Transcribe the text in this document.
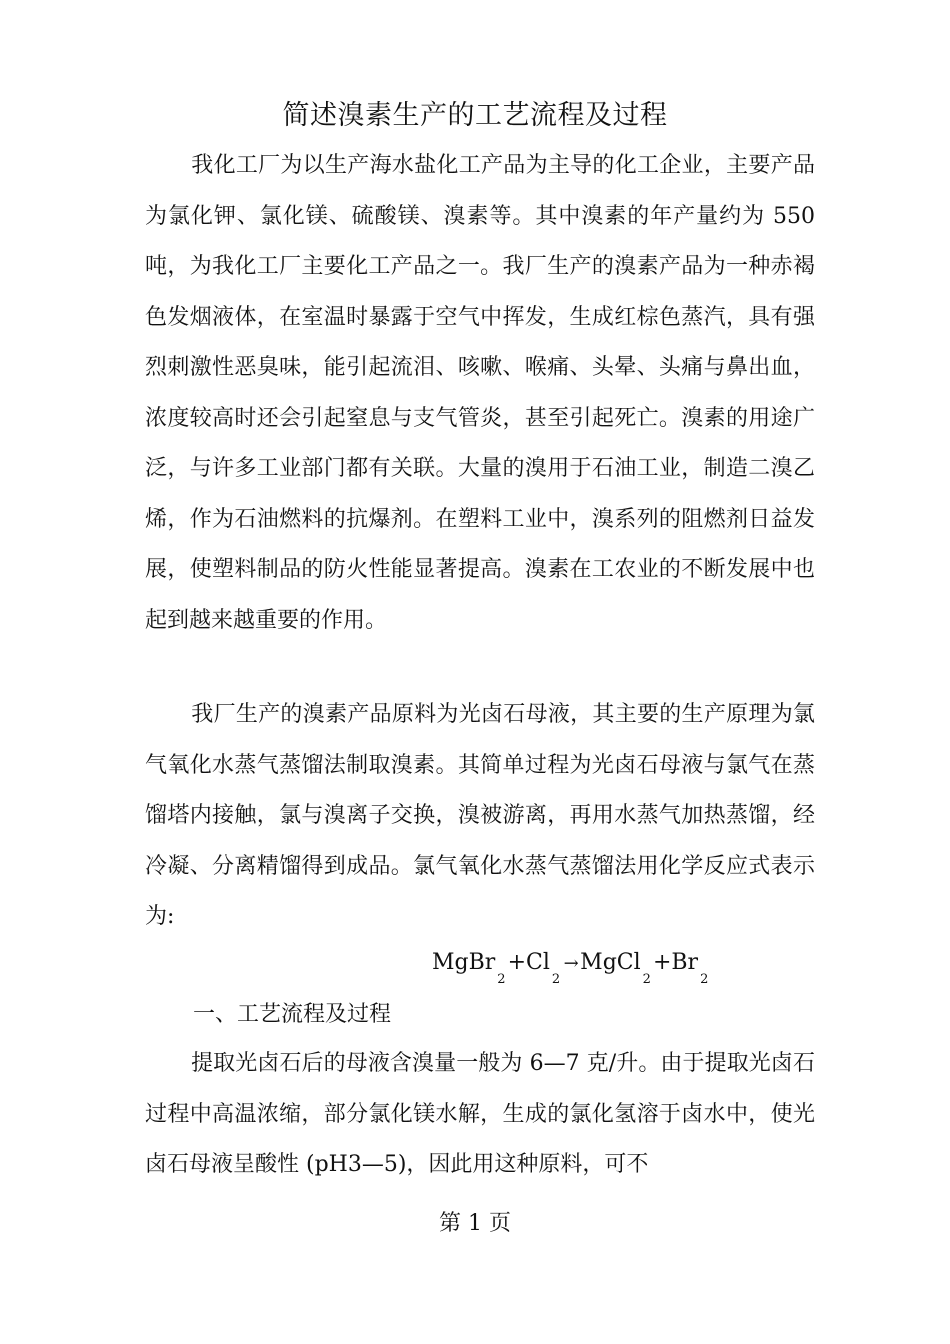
简述溴素生产的工艺流程及过程

我化工厂为以生产海水盐化工产品为主导的化工企业，主要产品为氯化钾、氯化镁、硫酸镁、溴素等。其中溴素的年产量约为 550 吨，为我化工厂主要化工产品之一。我厂生产的溴素产品为一种赤褐色发烟液体，在室温时暴露于空气中挥发，生成红棕色蒸汽，具有强烈刺激性恶臭味，能引起流泪、咳嗽、喉痛、头晕、头痛与鼻出血，浓度较高时还会引起窒息与支气管炎，甚至引起死亡。溴素的用途广泛，与许多工业部门都有关联。大量的溴用于石油工业，制造二溴乙烯，作为石油燃料的抗爆剂。在塑料工业中，溴系列的阻燃剂日益发展，使塑料制品的防火性能显著提高。溴素在工农业的不断发展中也起到越来越重要的作用。

我厂生产的溴素产品原料为光卤石母液，其主要的生产原理为氯气氧化水蒸气蒸馏法制取溴素。其简单过程为光卤石母液与氯气在蒸馏塔内接触，氯与溴离子交换，溴被游离，再用水蒸气加热蒸馏，经冷凝、分离精馏得到成品。氯气氧化水蒸气蒸馏法用化学反应式表示为:

$MgBr_2+Cl_2\to MgCl_2+Br_2$
一、工艺流程及过程

提取光卤石后的母液含溴量一般为 6—7 克/升。由于提取光卤石过程中高温浓缩，部分氯化镁水解，生成的氯化氢溶于卤水中，使光卤石母液呈酸性 (pH3—5)，因此用这种原料，可不

第 1 页
